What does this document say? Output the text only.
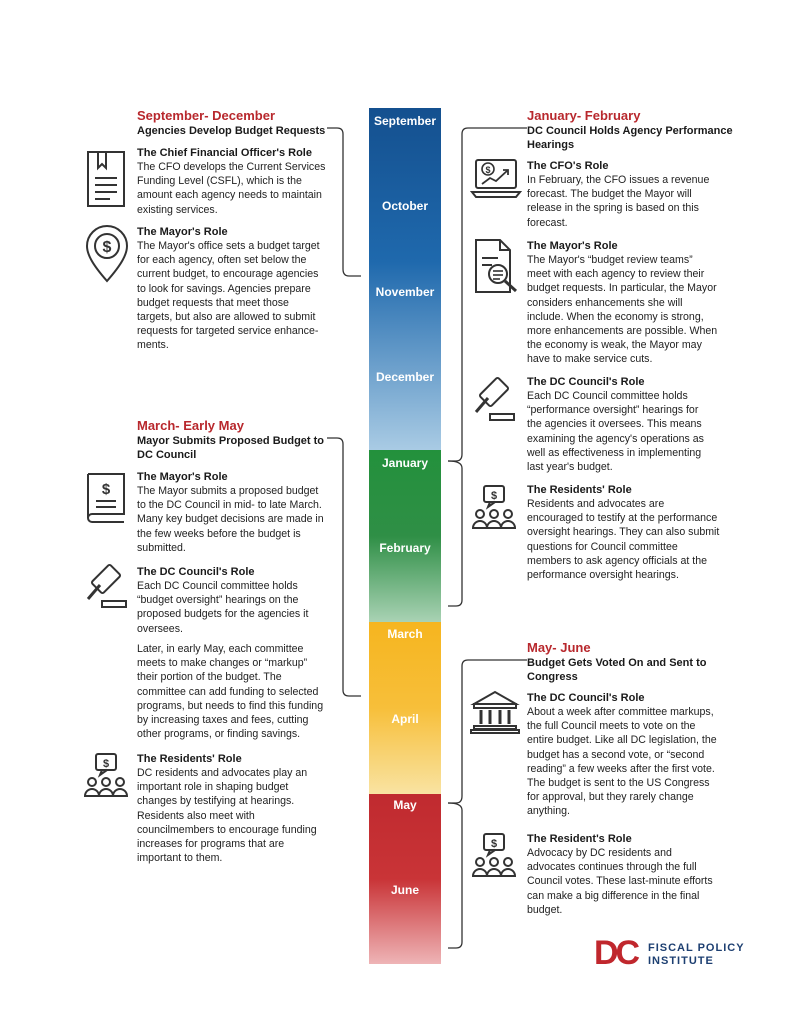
September
October
November
December
January
February
March
April
May
June
September- December
Agencies Develop Budget Requests
The Chief Financial Officer's Role
The CFO develops the Current Services
Funding Level (CSFL), which is the
amount each agency needs to maintain
existing services.
$
The Mayor's Role
The Mayor's office sets a budget target
for each agency, often set below the
current budget, to encourage agencies
to look for savings. Agencies prepare
budget requests that meet those
targets, but also are allowed to submit
requests for targeted service enhance-
ments.
March- Early May
Mayor Submits Proposed Budget to
DC Council
$
The Mayor's Role
The Mayor submits a proposed budget
to the DC Council in mid- to late March.
Many key budget decisions are made in
the few weeks before the budget is
submitted.
The DC Council's Role
Each DC Council committee holds
“budget oversight” hearings on the
proposed budgets for the agencies it
oversees.
Later, in early May, each committee
meets to make changes or “markup”
their portion of the budget. The
committee can add funding to selected
programs, but needs to find this funding
by increasing taxes and fees, cutting
other programs, or finding savings.
$	The Residents' Role
DC residents and advocates play an
important role in shaping budget
changes by testifying at hearings.
Residents also meet with
councilmembers to encourage funding
increases for programs that are
important to them.
January- February
DC Council Holds Agency Performance
Hearings
$	The CFO's Role
In February, the CFO issues a revenue
forecast. The budget the Mayor will
release in the spring is based on this
forecast.
The Mayor's Role
The Mayor's “budget review teams”
meet with each agency to review their
budget requests. In particular, the Mayor
considers enhancements she will
include. When the economy is strong,
more enhancements are possible. When
the economy is weak, the Mayor may
have to make service cuts.
The DC Council's Role
Each DC Council committee holds
“performance oversight” hearings for
the agencies it oversees. This means
examining the agency's operations as
well as effectiveness in implementing
last year's budget.
$	The Residents' Role
Residents and advocates are
encouraged to testify at the performance
oversight hearings. They can also submit
questions for Council committee
members to ask agency officials at the
performance oversight hearings.
May- June
Budget Gets Voted On and Sent to
Congress
The DC Council's Role
About a week after committee markups,
the full Council meets to vote on the
entire budget. Like all DC legislation, the
budget has a second vote, or “second
reading” a few weeks after the first vote.
The budget is sent to the US Congress
for approval, but they rarely change
anything.
$	The Resident's Role
Advocacy by DC residents and
advocates continues through the full
Council votes. These last-minute efforts
can make a big difference in the final
budget.
DC FISCAL POLICY
INSTITUTE
